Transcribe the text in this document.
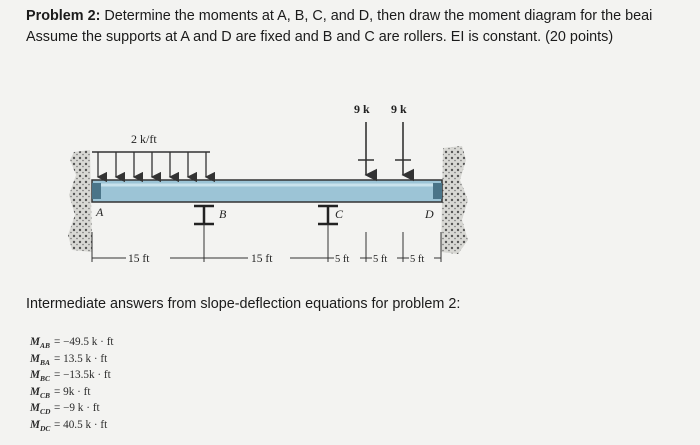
Problem 2: Determine the moments at A, B, C, and D, then draw the moment diagram for the beai
Assume the supports at A and D are fixed and B and C are rollers. EI is constant. (20 points)
2 k/ft
9 k 9 k
A	B	C	D
15 ft	15 ft	5 ft 5 ft 5 ft
Intermediate answers from slope-deflection equations for problem 2:
$M_{AB} = -49.5$ k · ft
$M_{BA} = 13.5$ k · ft
$M_{BC} = -13.5k$ · ft
$M_{CB} = 9k$ · ft
$M_{CD} = -9$ k · ft
$M_{DC} = 40.5$ k · ft
